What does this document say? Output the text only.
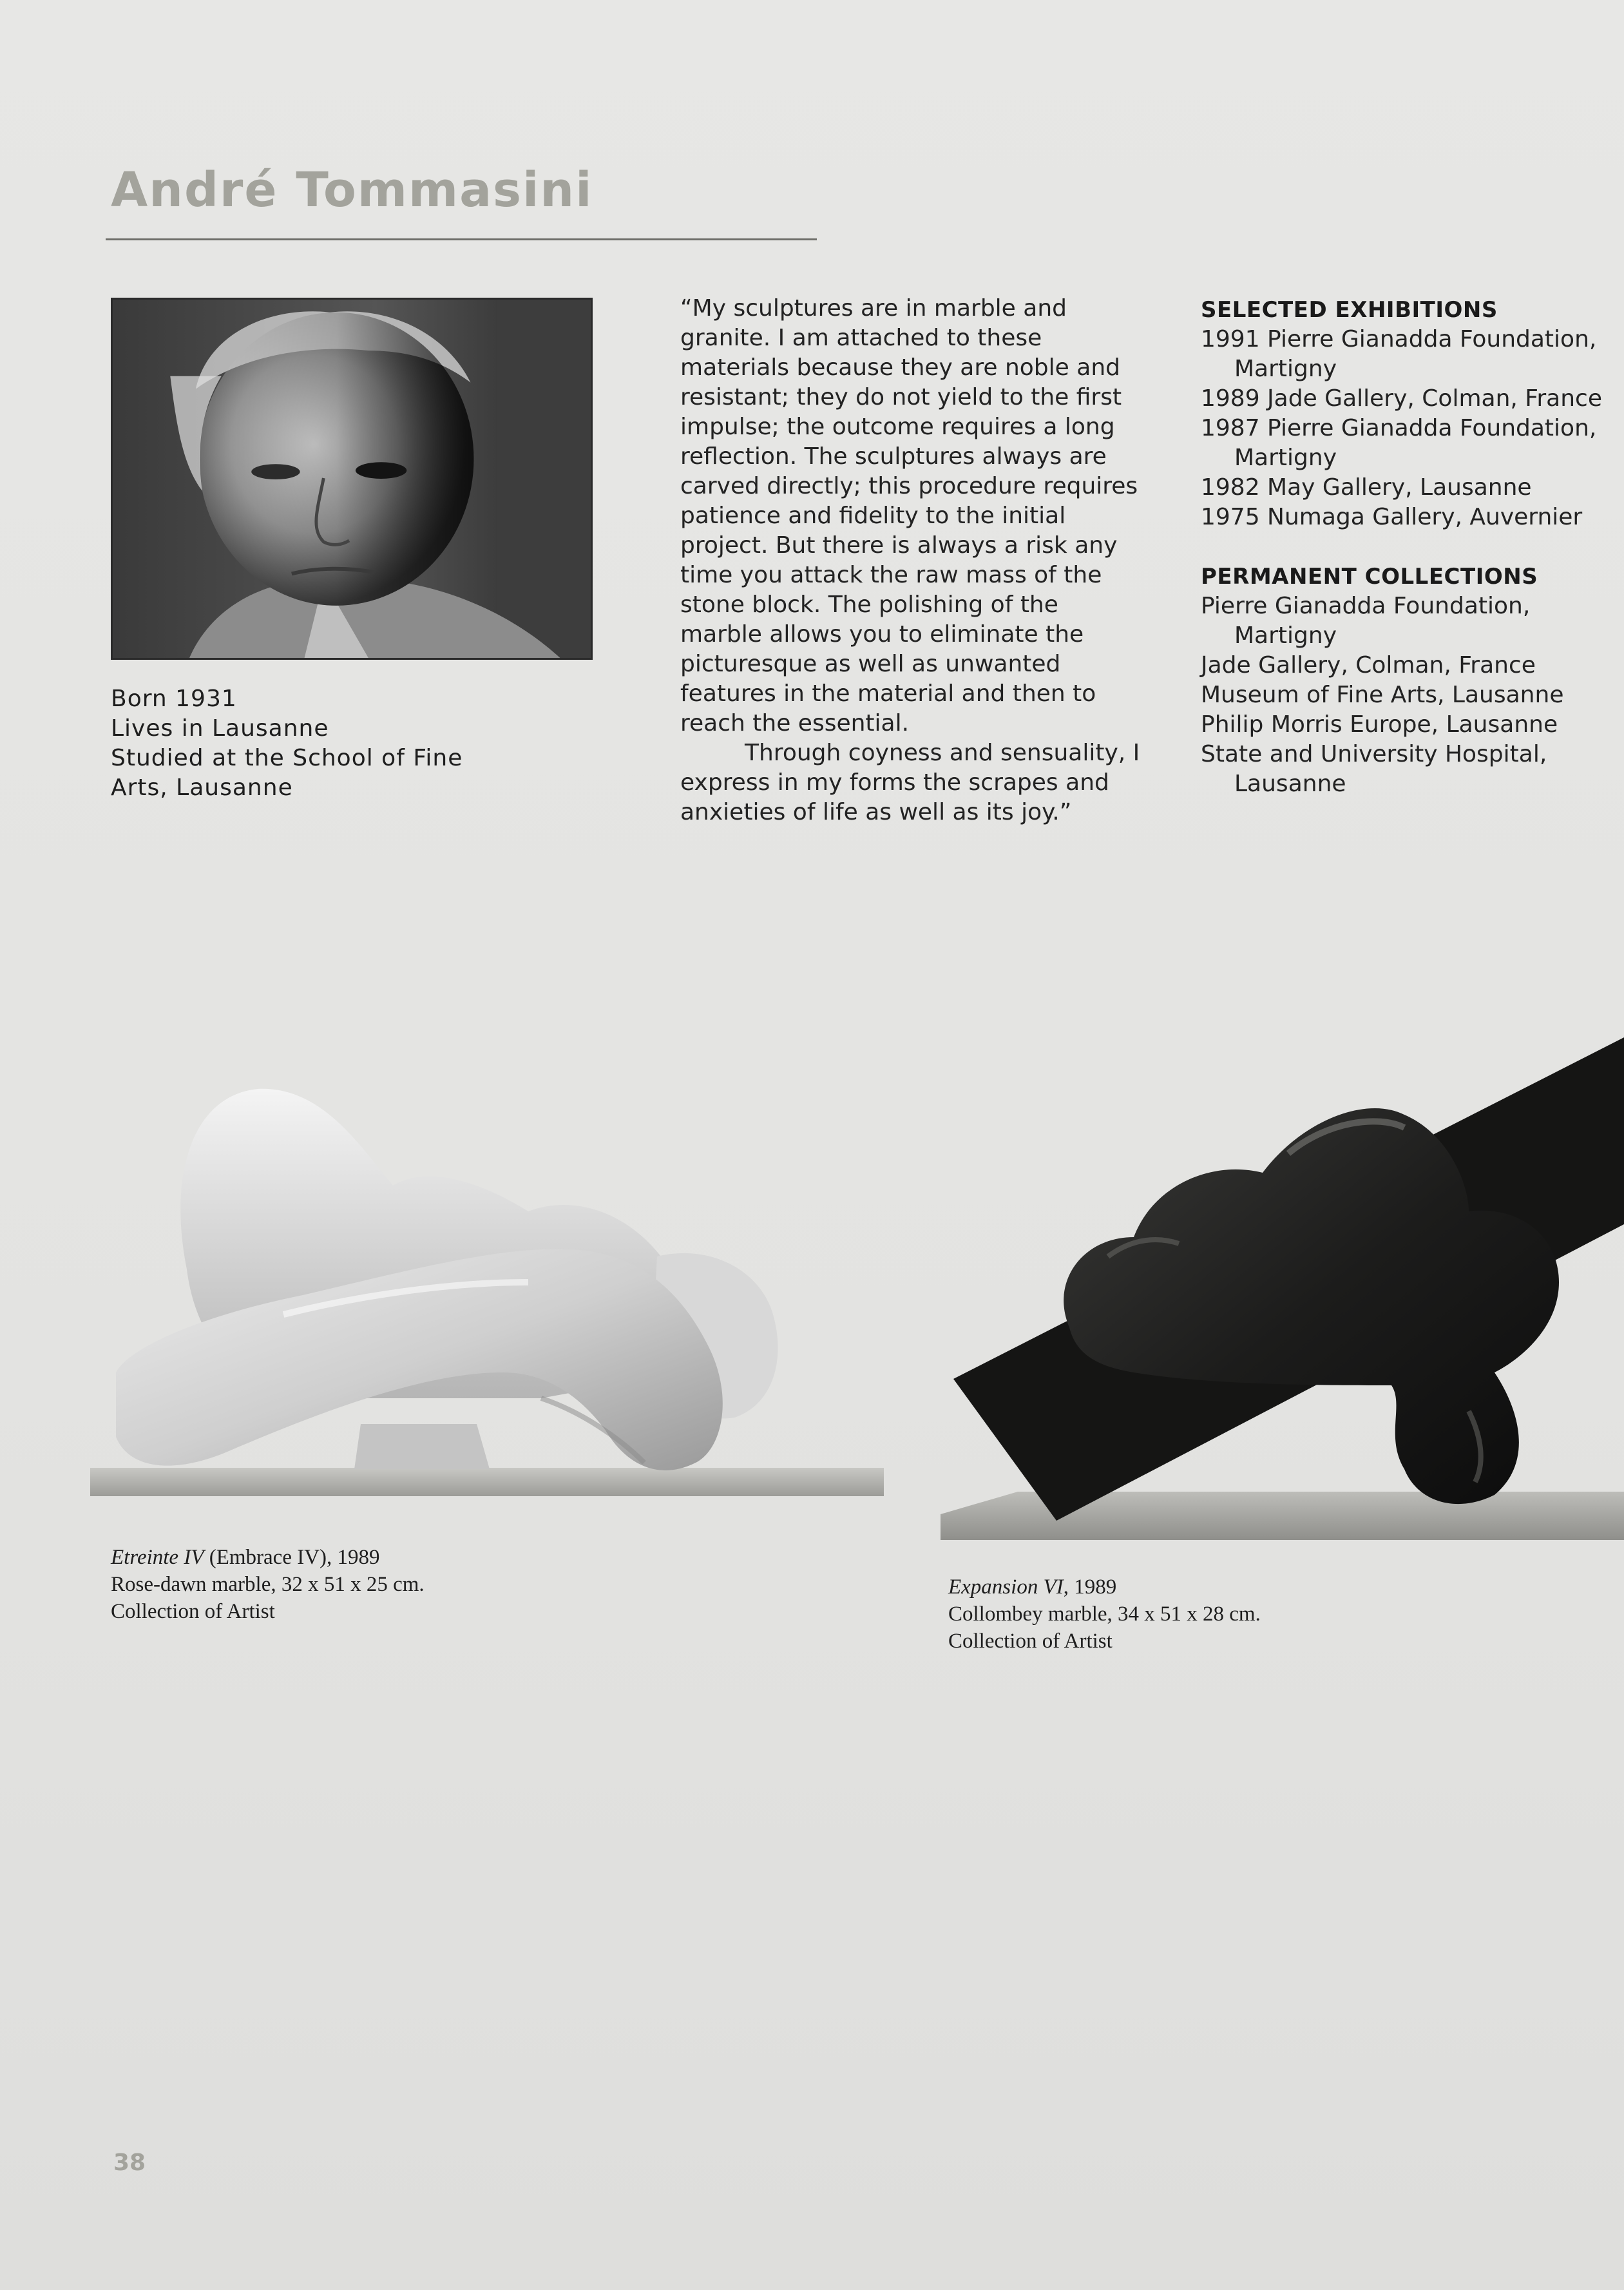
André Tommasini
Born 1931
Lives in Lausanne
Studied at the School of Fine
Arts, Lausanne

“My sculptures are in marble and granite. I am attached to these materials because they are noble and resistant; they do not yield to the first impulse; the outcome requires a long reflection. The sculptures always are carved directly; this procedure requires patience and fidelity to the initial project. But there is always a risk any time you attack the raw mass of the stone block. The polishing of the marble allows you to eliminate the picturesque as well as unwanted features in the material and then to reach the essential.

Through coyness and sensuality, I express in my forms the scrapes and anxieties of life as well as its joy.”

SELECTED EXHIBITIONS
1991 Pierre Gianadda Foundation,
Martigny
1989 Jade Gallery, Colman, France
1987 Pierre Gianadda Foundation,
Martigny
1982 May Gallery, Lausanne
1975 Numaga Gallery, Auvernier
PERMANENT COLLECTIONS
Pierre Gianadda Foundation,
Martigny
Jade Gallery, Colman, France
Museum of Fine Arts, Lausanne
Philip Morris Europe, Lausanne
State and University Hospital,
Lausanne
Etreinte IV (Embrace IV), 1989
Rose-dawn marble, 32 x 51 x 25 cm.
Collection of Artist
Expansion VI, 1989
Collombey marble, 34 x 51 x 28 cm.
Collection of Artist
38
